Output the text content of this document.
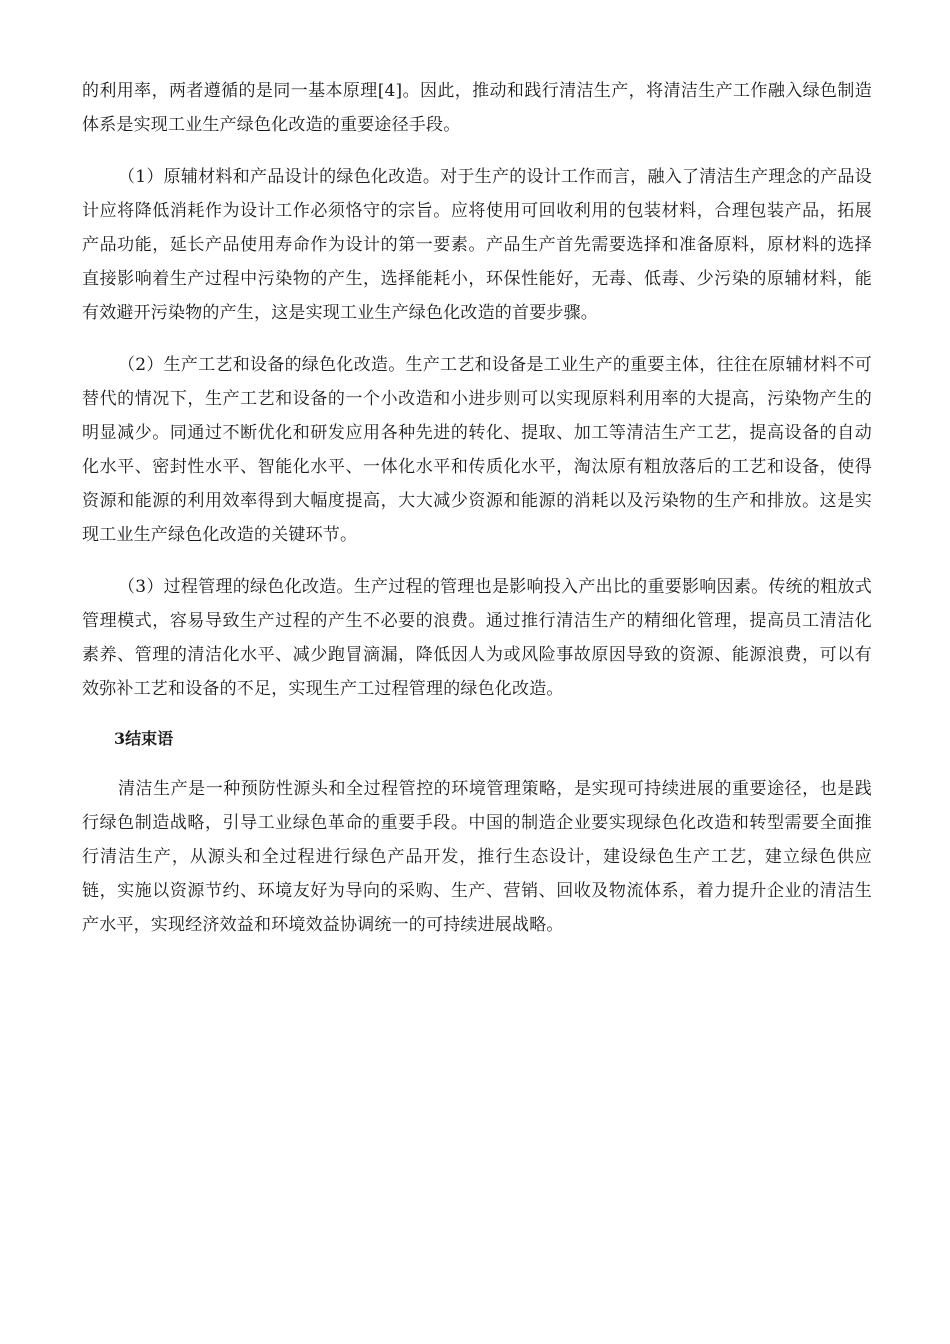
的利用率，两者遵循的是同一基本原理[4]。因此，推动和践行清洁生产，将清洁生产工作融入绿色制造体系是实现工业生产绿色化改造的重要途径手段。

（1）原辅材料和产品设计的绿色化改造。对于生产的设计工作而言，融入了清洁生产理念的产品设计应将降低消耗作为设计工作必须恪守的宗旨。应将使用可回收利用的包装材料，合理包装产品，拓展产品功能，延长产品使用寿命作为设计的第一要素。产品生产首先需要选择和准备原料，原材料的选择直接影响着生产过程中污染物的产生，选择能耗小，环保性能好，无毒、低毒、少污染的原辅材料，能有效避开污染物的产生，这是实现工业生产绿色化改造的首要步骤。

（2）生产工艺和设备的绿色化改造。生产工艺和设备是工业生产的重要主体，往往在原辅材料不可替代的情况下，生产工艺和设备的一个小改造和小进步则可以实现原料利用率的大提高，污染物产生的明显减少。同通过不断优化和研发应用各种先进的转化、提取、加工等清洁生产工艺，提高设备的自动化水平、密封性水平、智能化水平、一体化水平和传质化水平，淘汰原有粗放落后的工艺和设备，使得资源和能源的利用效率得到大幅度提高，大大减少资源和能源的消耗以及污染物的生产和排放。这是实现工业生产绿色化改造的关键环节。

（3）过程管理的绿色化改造。生产过程的管理也是影响投入产出比的重要影响因素。传统的粗放式管理模式，容易导致生产过程的产生不必要的浪费。通过推行清洁生产的精细化管理，提高员工清洁化素养、管理的清洁化水平、减少跑冒滴漏，降低因人为或风险事故原因导致的资源、能源浪费，可以有效弥补工艺和设备的不足，实现生产工过程管理的绿色化改造。

3结束语

清洁生产是一种预防性源头和全过程管控的环境管理策略，是实现可持续进展的重要途径，也是践行绿色制造战略，引导工业绿色革命的重要手段。中国的制造企业要实现绿色化改造和转型需要全面推行清洁生产，从源头和全过程进行绿色产品开发，推行生态设计，建设绿色生产工艺，建立绿色供应链，实施以资源节约、环境友好为导向的采购、生产、营销、回收及物流体系，着力提升企业的清洁生产水平，实现经济效益和环境效益协调统一的可持续进展战略。
